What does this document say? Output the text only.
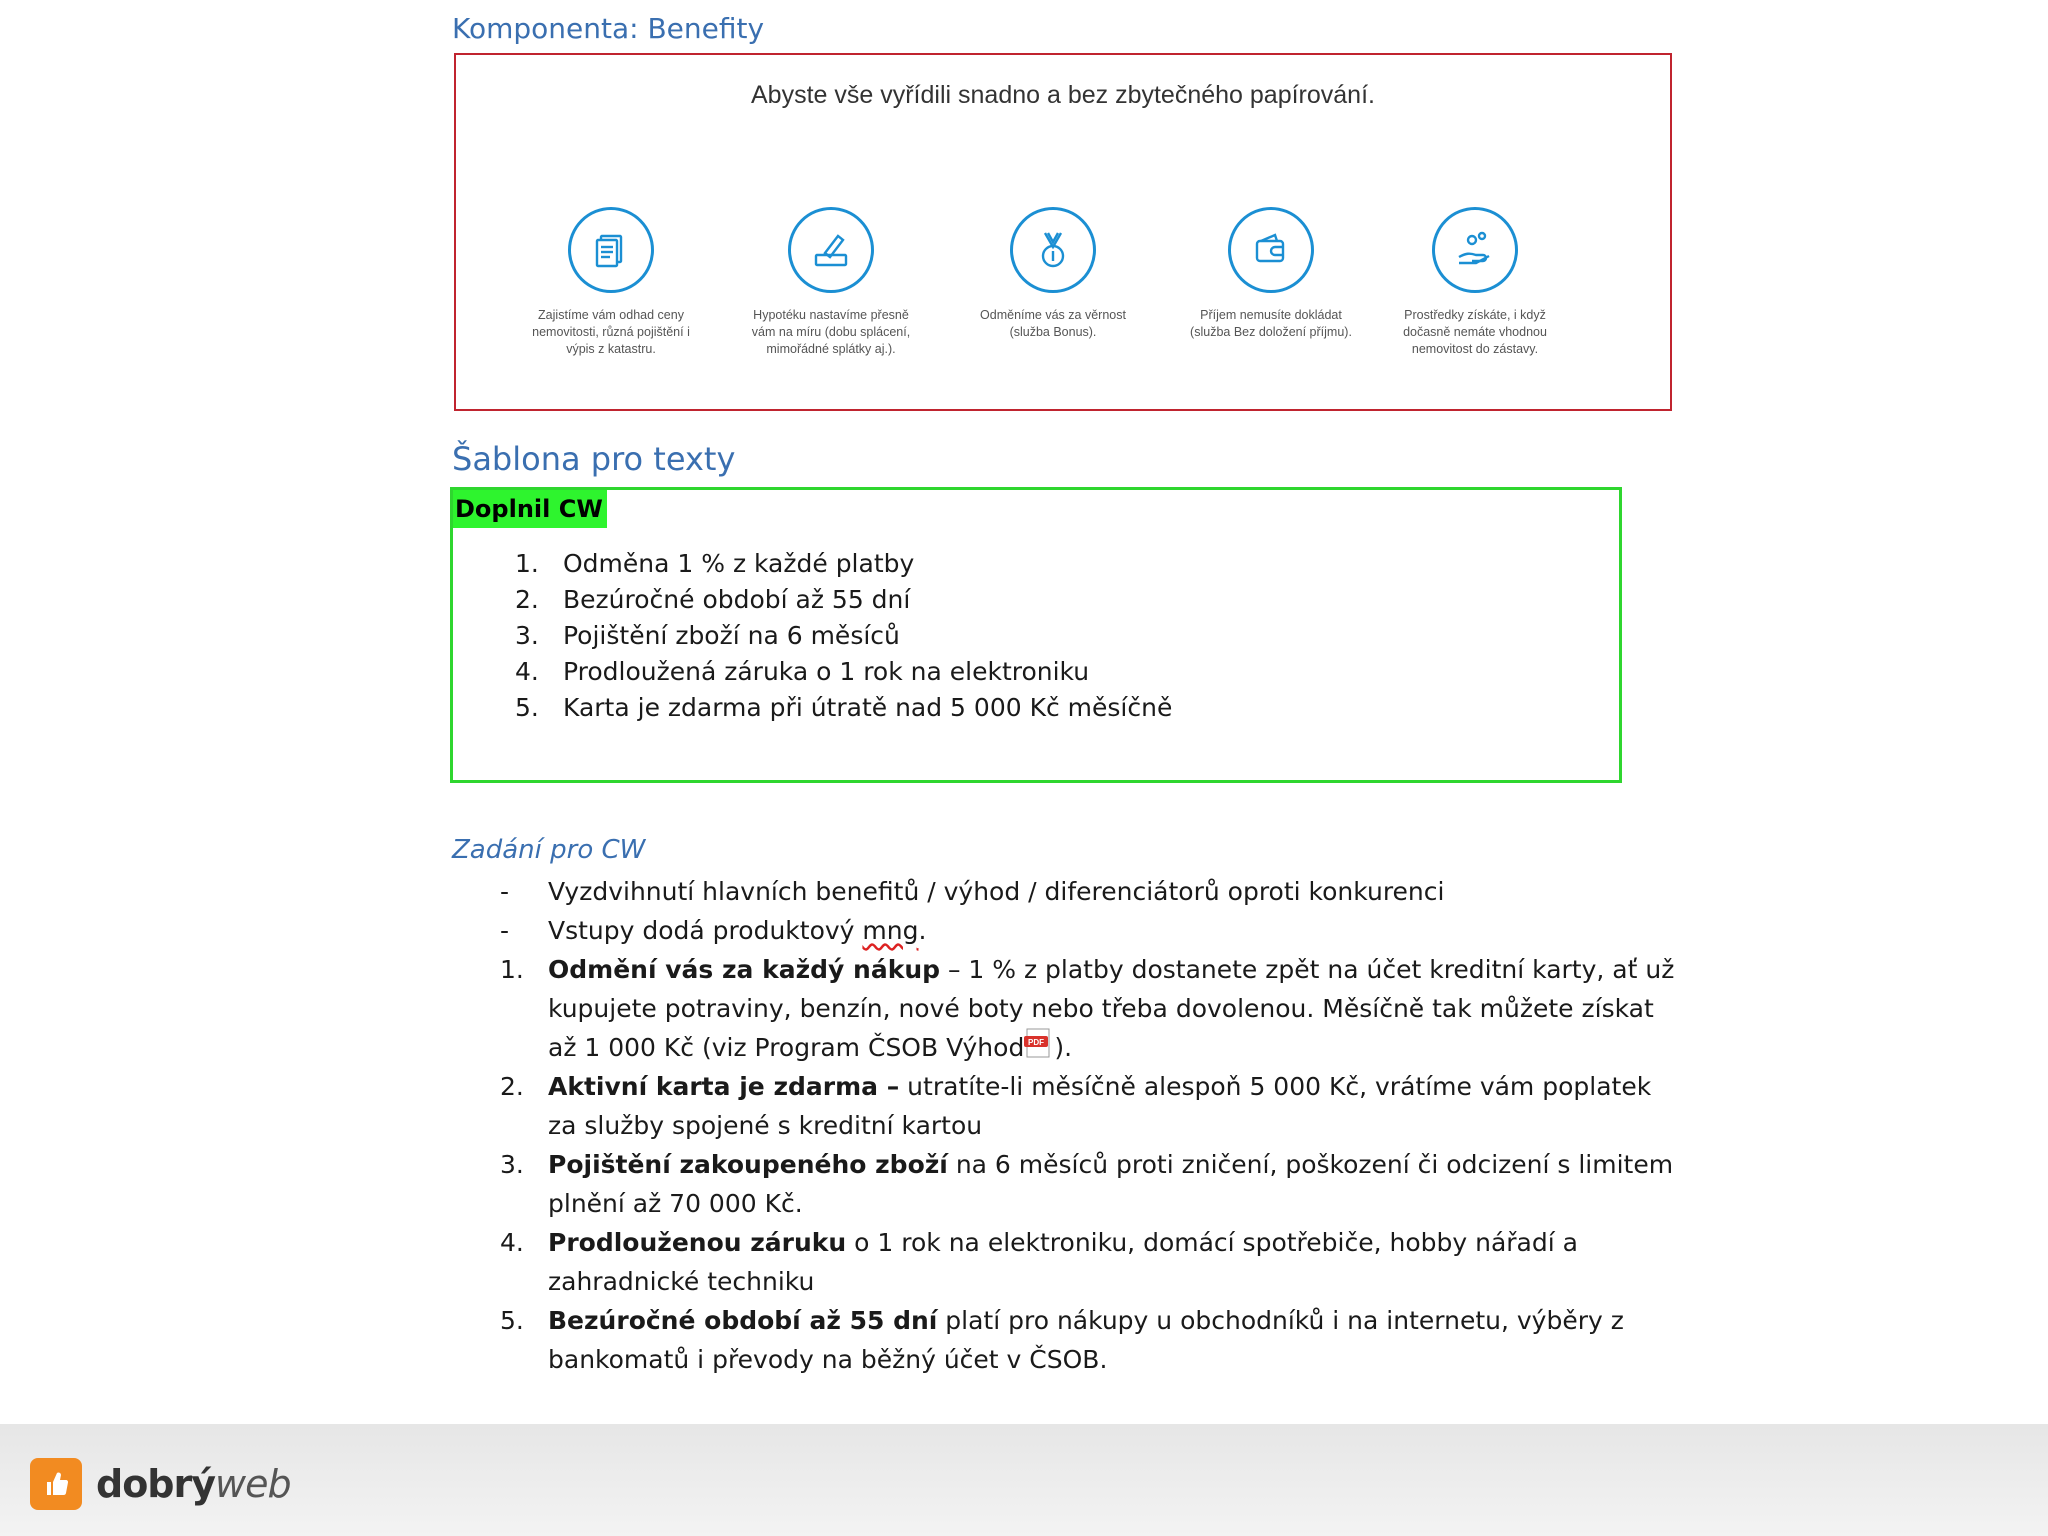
Komponenta: Benefity
Abyste vše vyřídili snadno a bez zbytečného papírování.
Zajistíme vám odhad ceny nemovitosti, různá pojištění i výpis z katastru.
Hypotéku nastavíme přesně vám na míru (dobu splácení, mimořádné splátky aj.).
Odměníme vás za věrnost (služba Bonus).
Příjem nemusíte dokládat (služba Bez doložení příjmu).
Prostředky získáte, i když dočasně nemáte vhodnou nemovitost do zástavy.
Šablona pro texty
Doplnil CW
1. Odměna 1 % z každé platby
2. Bezúročné období až 55 dní
3. Pojištění zboží na 6 měsíců
4. Prodloužená záruka o 1 rok na elektroniku
5. Karta je zdarma při útratě nad 5 000 Kč měsíčně
Zadání pro CW
-	Vyzdvihnutí hlavních benefitů / výhod / diferenciátorů oproti konkurenci
-	Vstupy dodá produktový mng.
1. Odmění vás za každý nákup – 1 % z platby dostanete zpět na účet kreditní karty, ať už kupujete potraviny, benzín, nové boty nebo třeba dovolenou. Měsíčně tak můžete získat až 1 000 Kč (viz Program ČSOB Výhod PDF ).
2. Aktivní karta je zdarma – utratíte-li měsíčně alespoň 5 000 Kč, vrátíme vám poplatek za služby spojené s kreditní kartou
3. Pojištění zakoupeného zboží na 6 měsíců proti zničení, poškození či odcizení s limitem plnění až 70 000 Kč.
4. Prodlouženou záruku o 1 rok na elektroniku, domácí spotřebiče, hobby nářadí a zahradnické techniku
5. Bezúročné období až 55 dní platí pro nákupy u obchodníků i na internetu, výběry z bankomatů i převody na běžný účet v ČSOB.
dobrýweb
